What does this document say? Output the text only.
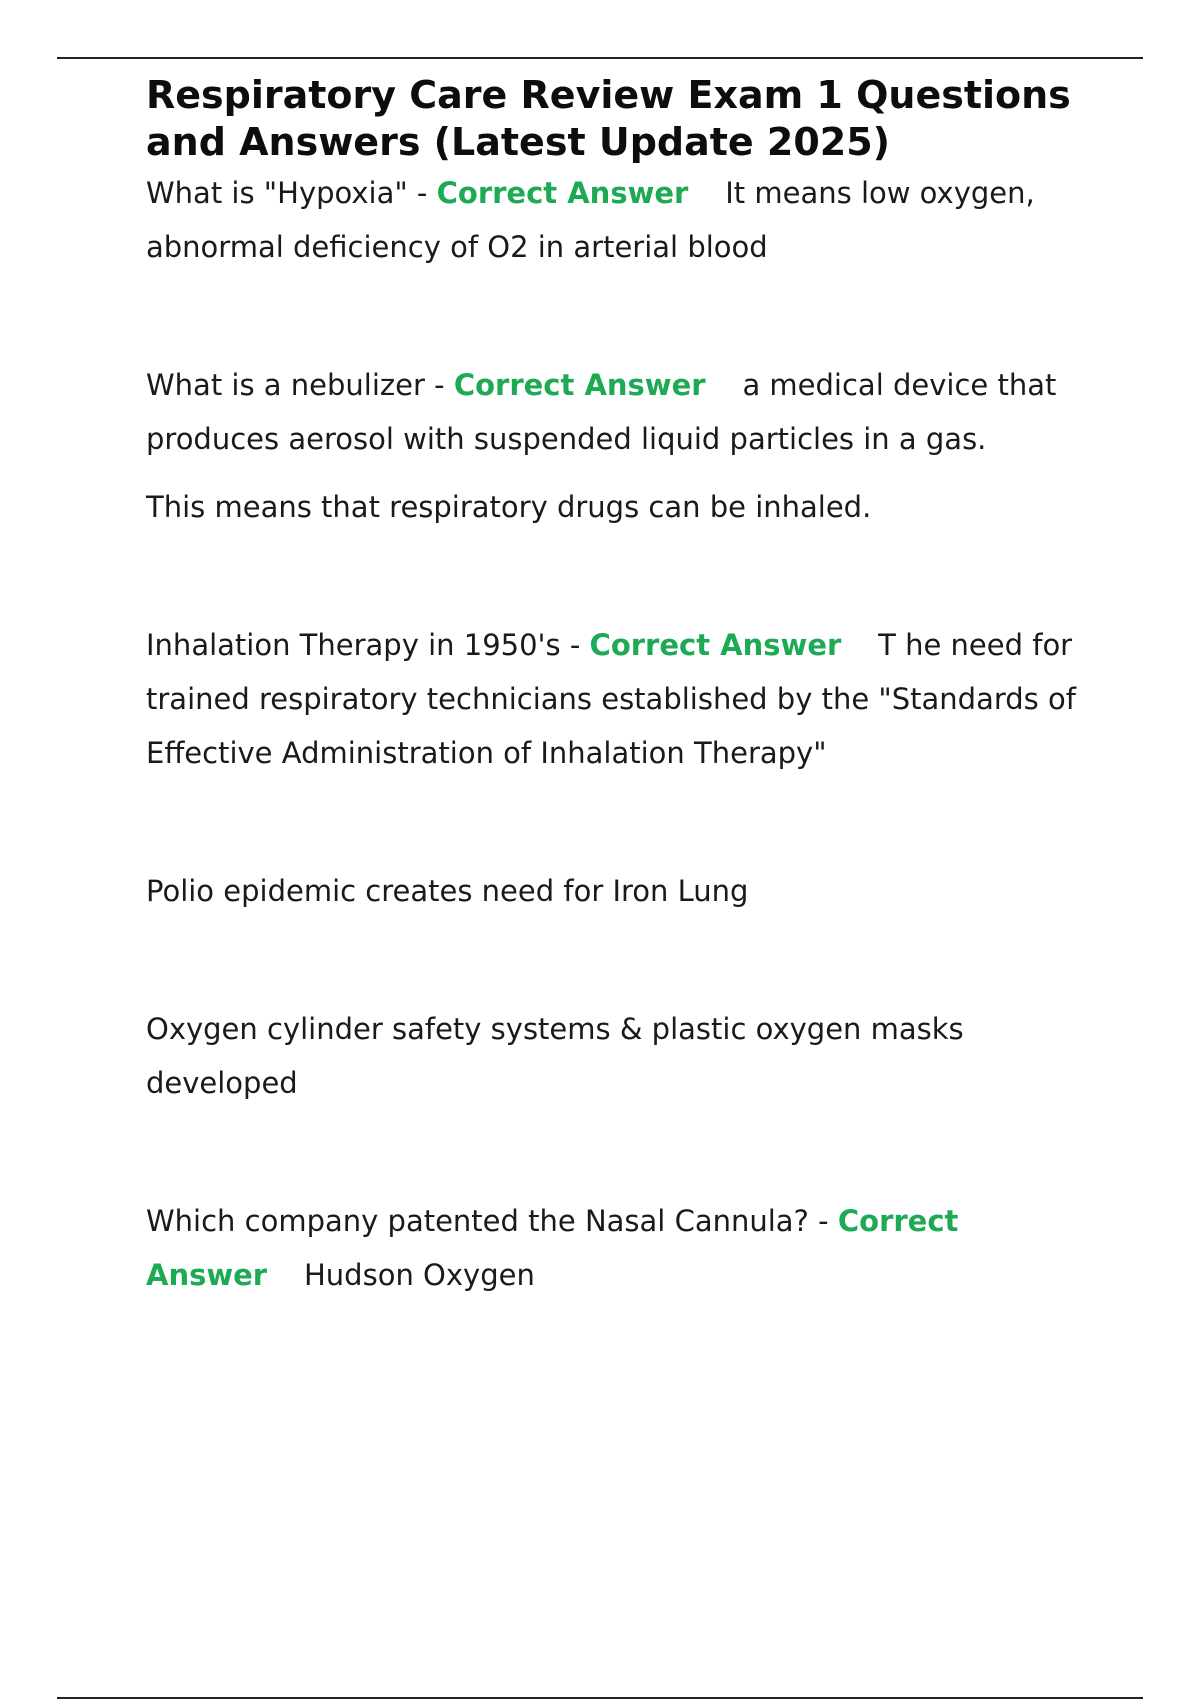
Respiratory Care Review Exam 1 Questions and Answers (Latest Update 2025)

What is "Hypoxia" - Correct Answer It means low oxygen, abnormal deficiency of O2 in arterial blood

What is a nebulizer - Correct Answer a medical device that produces aerosol with suspended liquid particles in a gas.

This means that respiratory drugs can be inhaled.

Inhalation Therapy in 1950's - Correct Answer T he need for trained respiratory technicians established by the "Standards of Effective Administration of Inhalation Therapy"

Polio epidemic creates need for Iron Lung

Oxygen cylinder safety systems & plastic oxygen masks developed

Which company patented the Nasal Cannula? - Correct Answer Hudson Oxygen
